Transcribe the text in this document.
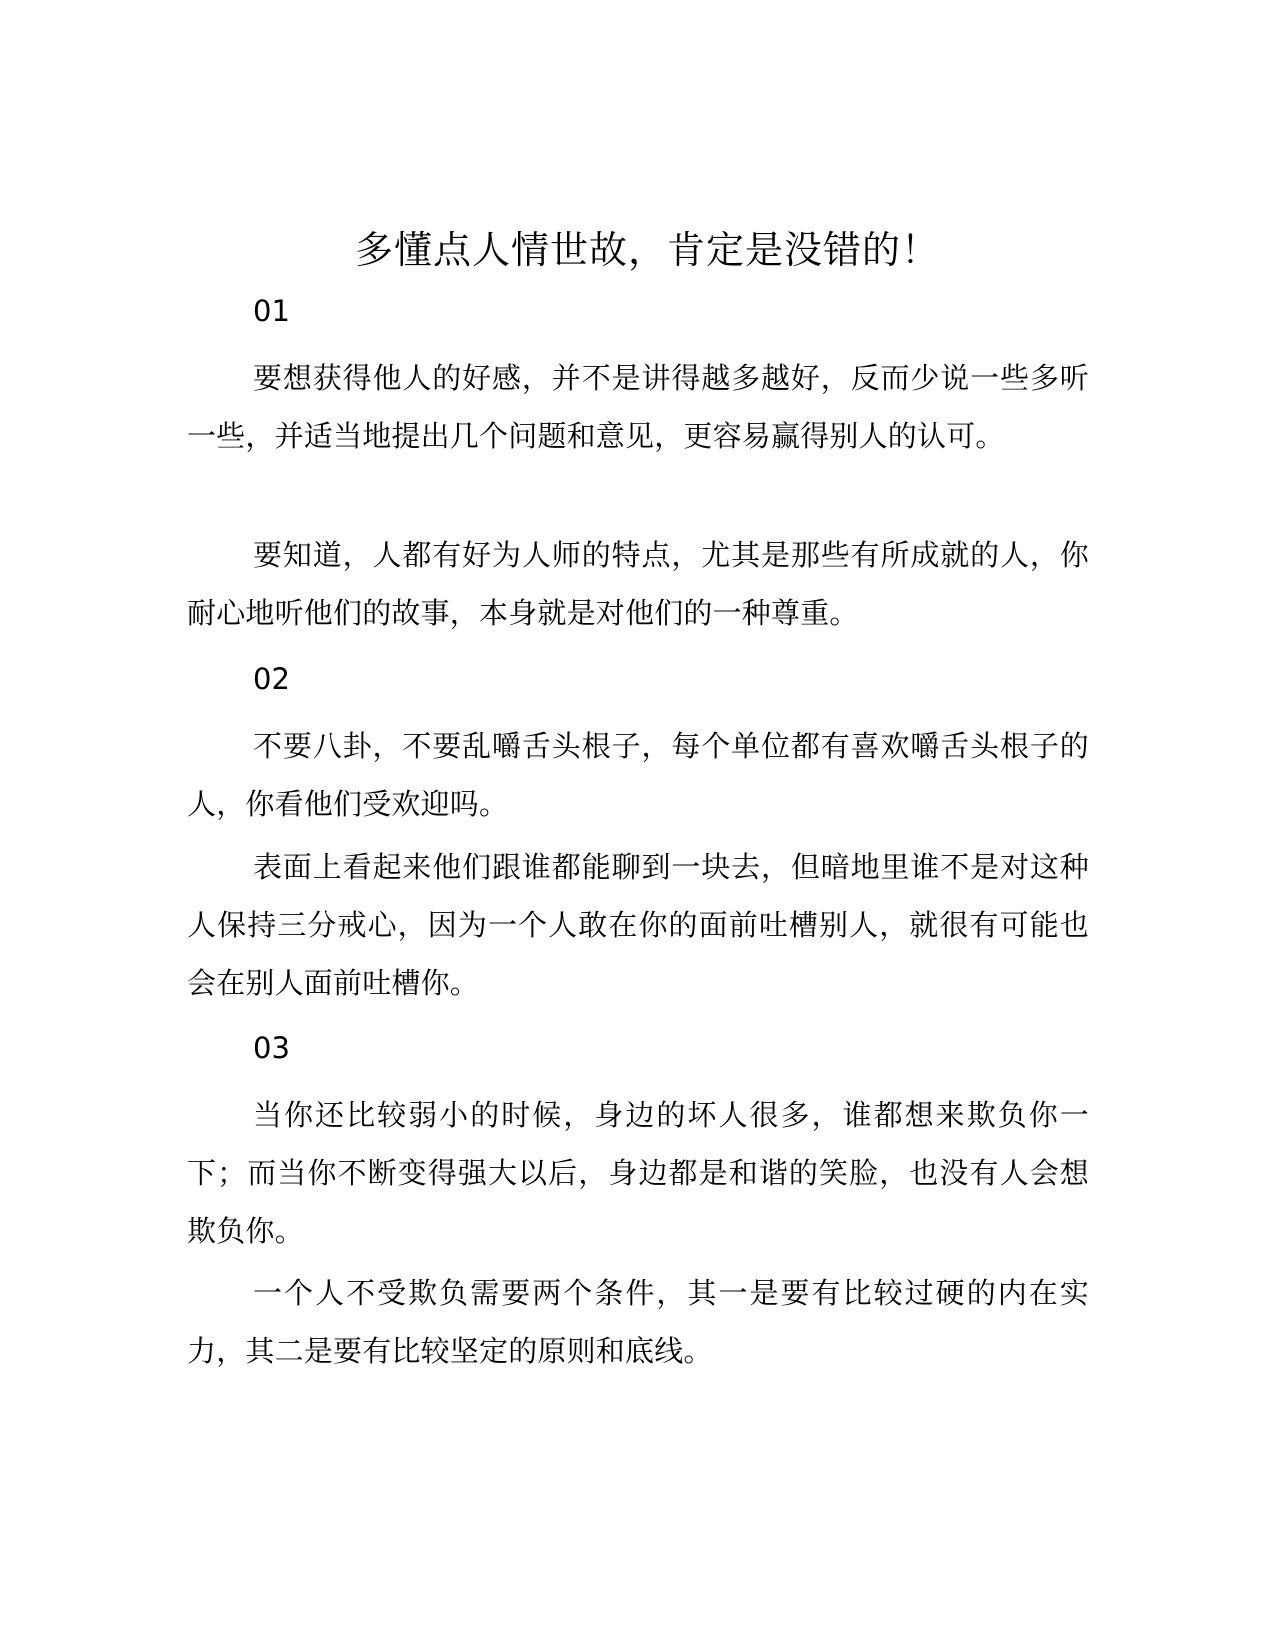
多懂点人情世故，肯定是没错的！

01

要想获得他人的好感，并不是讲得越多越好，反而少说一些多听一些，并适当地提出几个问题和意见，更容易赢得别人的认可。

要知道，人都有好为人师的特点，尤其是那些有所成就的人，你耐心地听他们的故事，本身就是对他们的一种尊重。

02

不要八卦，不要乱嚼舌头根子，每个单位都有喜欢嚼舌头根子的人，你看他们受欢迎吗。

表面上看起来他们跟谁都能聊到一块去，但暗地里谁不是对这种人保持三分戒心，因为一个人敢在你的面前吐槽别人，就很有可能也会在别人面前吐槽你。

03

当你还比较弱小的时候，身边的坏人很多，谁都想来欺负你一下；而当你不断变得强大以后，身边都是和谐的笑脸，也没有人会想欺负你。

一个人不受欺负需要两个条件，其一是要有比较过硬的内在实力，其二是要有比较坚定的原则和底线。
